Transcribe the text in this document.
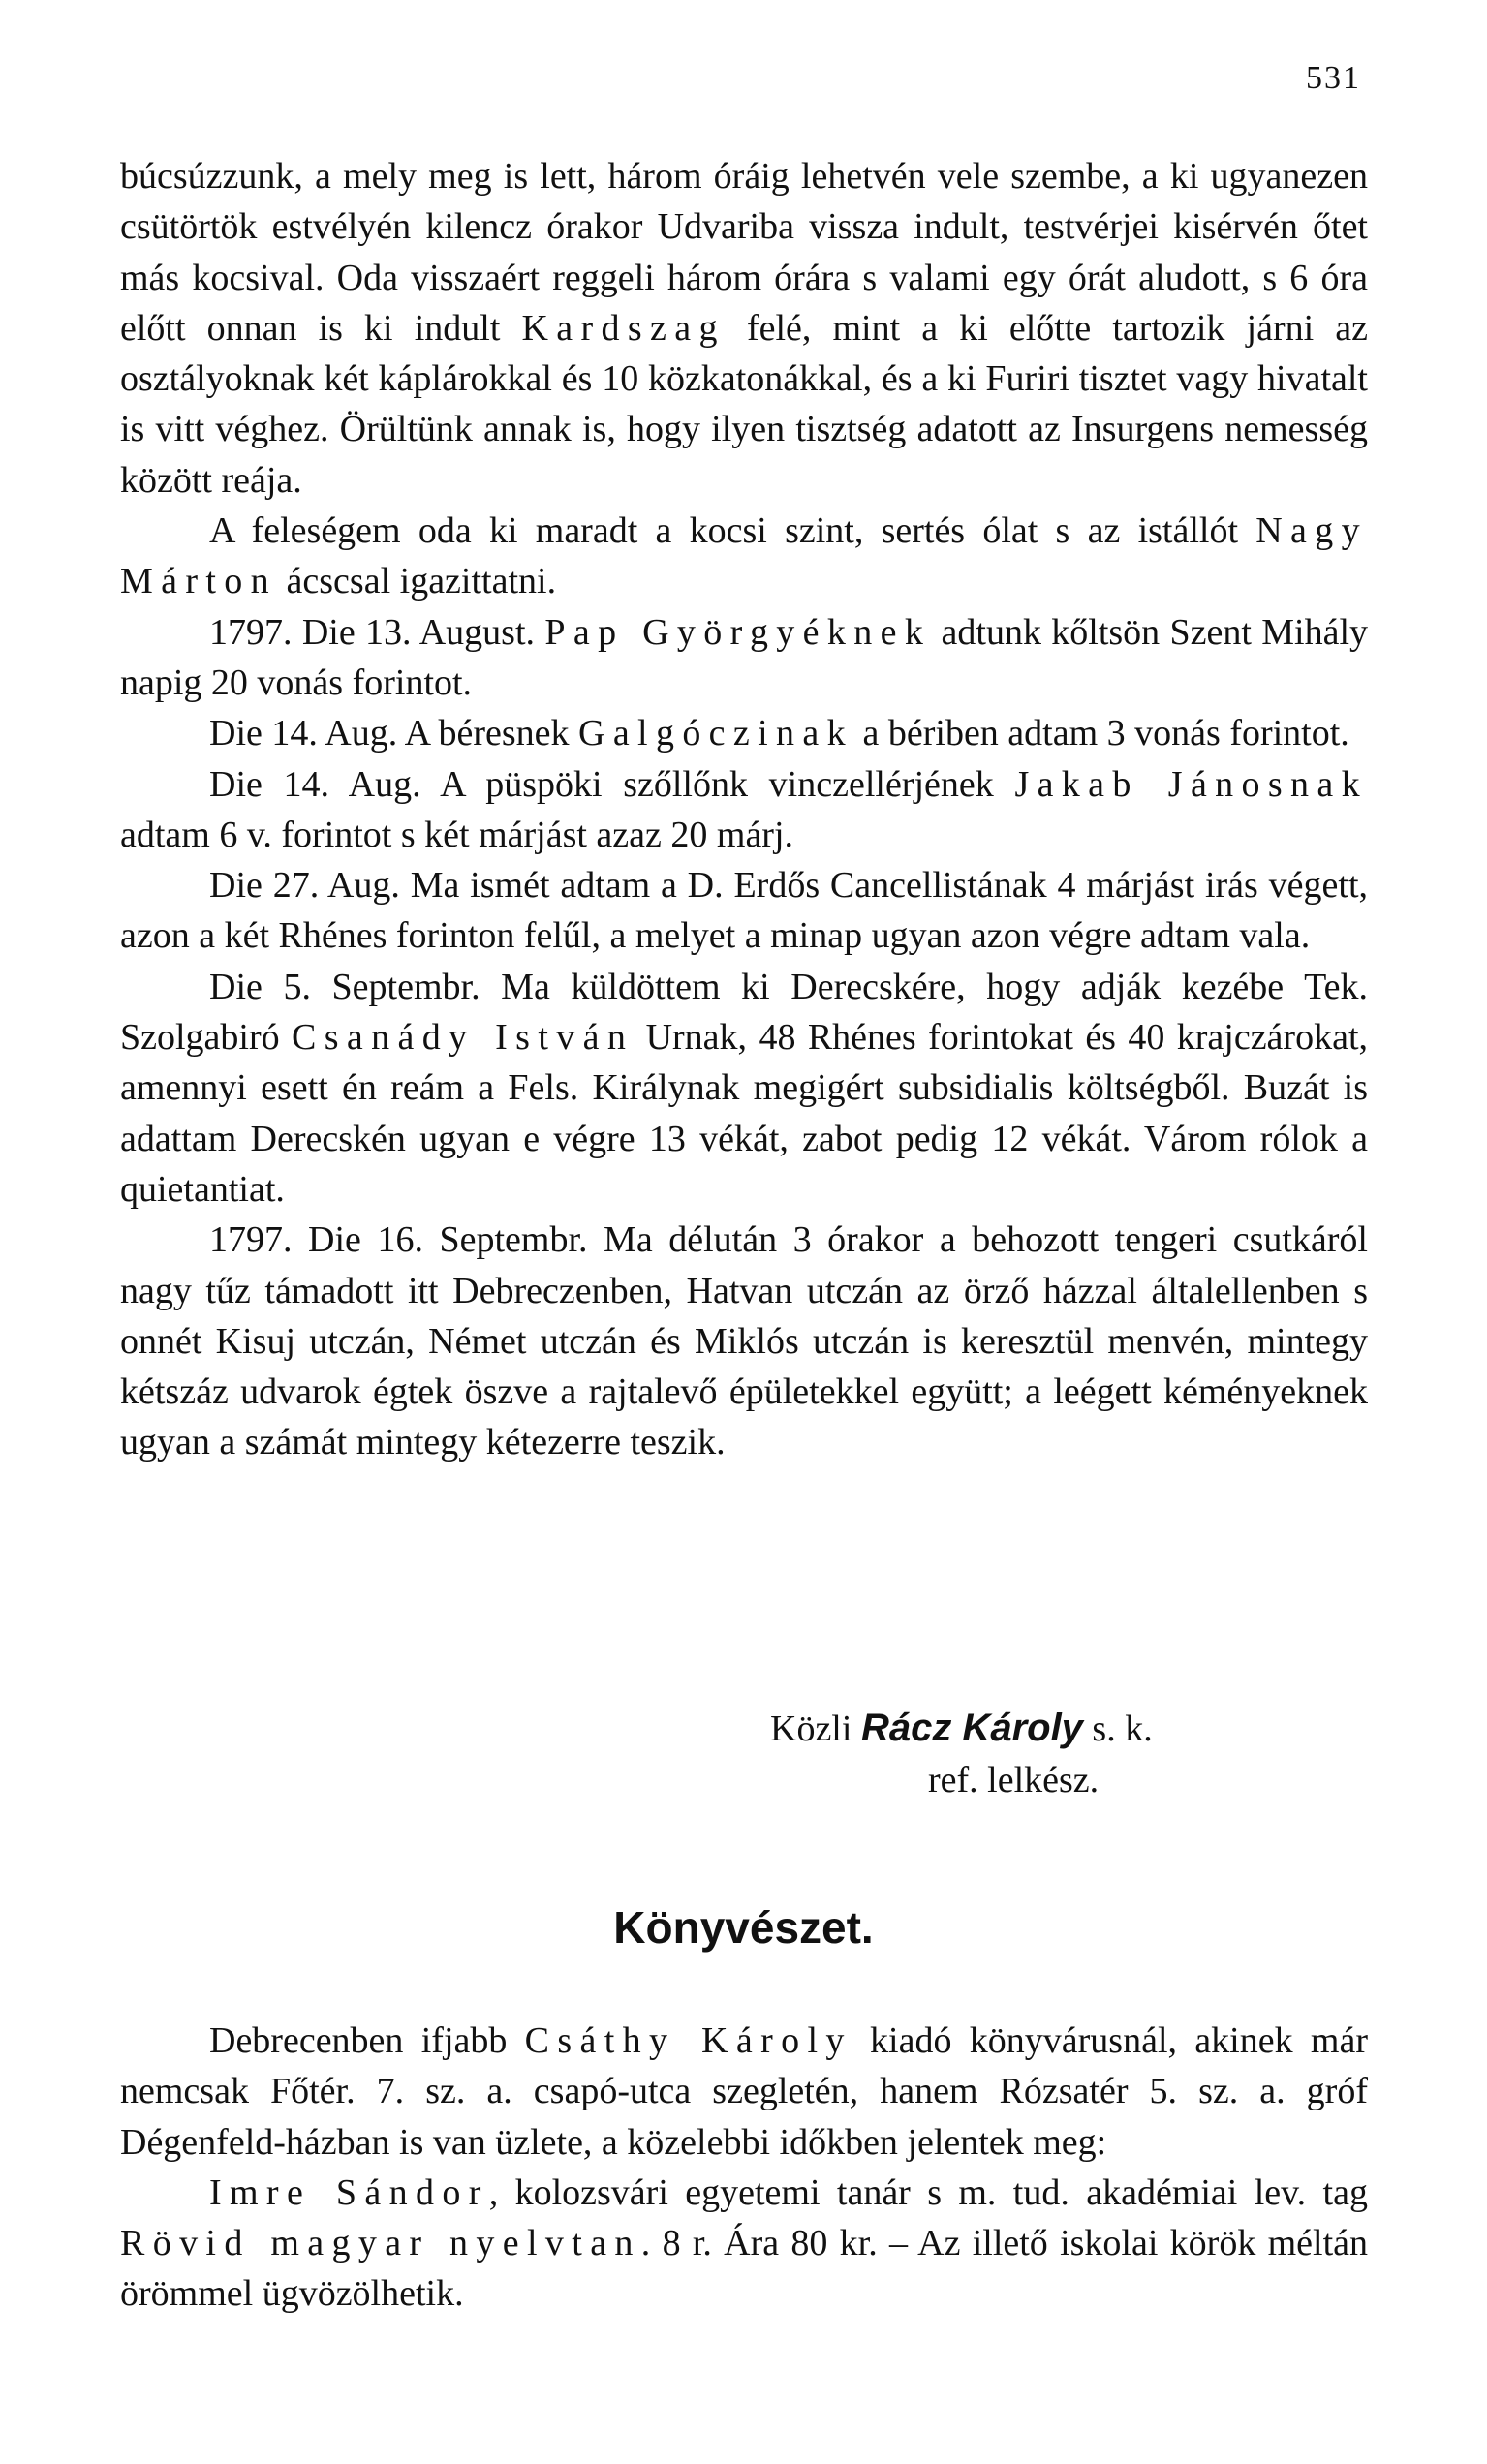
531

búcsúzzunk, a mely meg is lett, három óráig lehetvén vele szembe, a ki ugyanezen csütörtök estvélyén kilencz órakor Udvariba vissza indult, testvérjei kisérvén őtet más kocsival. Oda visszaért reggeli három órára s valami egy órát aludott, s 6 óra előtt onnan is ki indult Kardszag felé, mint a ki előtte tartozik járni az osztályoknak két káplárokkal és 10 közkatonákkal, és a ki Furiri tisztet vagy hivatalt is vitt véghez. Örültünk annak is, hogy ilyen tisztség adatott az Insurgens nemesség között reája.

A feleségem oda ki maradt a kocsi szint, sertés ólat s az istállót Nagy Márton ácscsal igazittatni.

1797. Die 13. August. Pap Györgyéknek adtunk kőltsön Szent Mihály napig 20 vonás forintot.

Die 14. Aug. A béresnek Galgóczinak a bériben adtam 3 vonás forintot.

Die 14. Aug. A püspöki szőllőnk vinczellérjének Jakab Jánosnak adtam 6 v. forintot s két márjást azaz 20 márj.

Die 27. Aug. Ma ismét adtam a D. Erdős Cancellistának 4 márjást irás végett, azon a két Rhénes forinton felűl, a melyet a minap ugyan azon végre adtam vala.

Die 5. Septembr. Ma küldöttem ki Derecskére, hogy adják kezébe Tek. Szolgabiró Csanády István Urnak, 48 Rhénes forintokat és 40 krajczárokat, amennyi esett én reám a Fels. Királynak megigért subsidialis költségből. Buzát is adattam Derecskén ugyan e végre 13 vékát, zabot pedig 12 vékát. Várom rólok a quietantiat.

1797. Die 16. Septembr. Ma délután 3 órakor a behozott tengeri csutkáról nagy tűz támadott itt Debreczenben, Hatvan utczán az örző házzal általellenben s onnét Kisuj utczán, Német utczán és Miklós utczán is keresztül menvén, mintegy kétszáz udvarok égtek öszve a rajtalevő épületekkel együtt; a leégett kéményeknek ugyan a számát mintegy kétezerre teszik.

Közli Rácz Károly s. k.
ref. lelkész.
Könyvészet.

Debrecenben ifjabb Csáthy Károly kiadó könyvárusnál, akinek már nemcsak Főtér. 7. sz. a. csapó-utca szegletén, hanem Rózsatér 5. sz. a. gróf Dégenfeld-házban is van üzlete, a közelebbi időkben jelentek meg:

Imre Sándor, kolozsvári egyetemi tanár s m. tud. akadémiai lev. tag Rövid magyar nyelvtan. 8 r. Ára 80 kr. – Az illető iskolai körök méltán örömmel ügvözölhetik.
